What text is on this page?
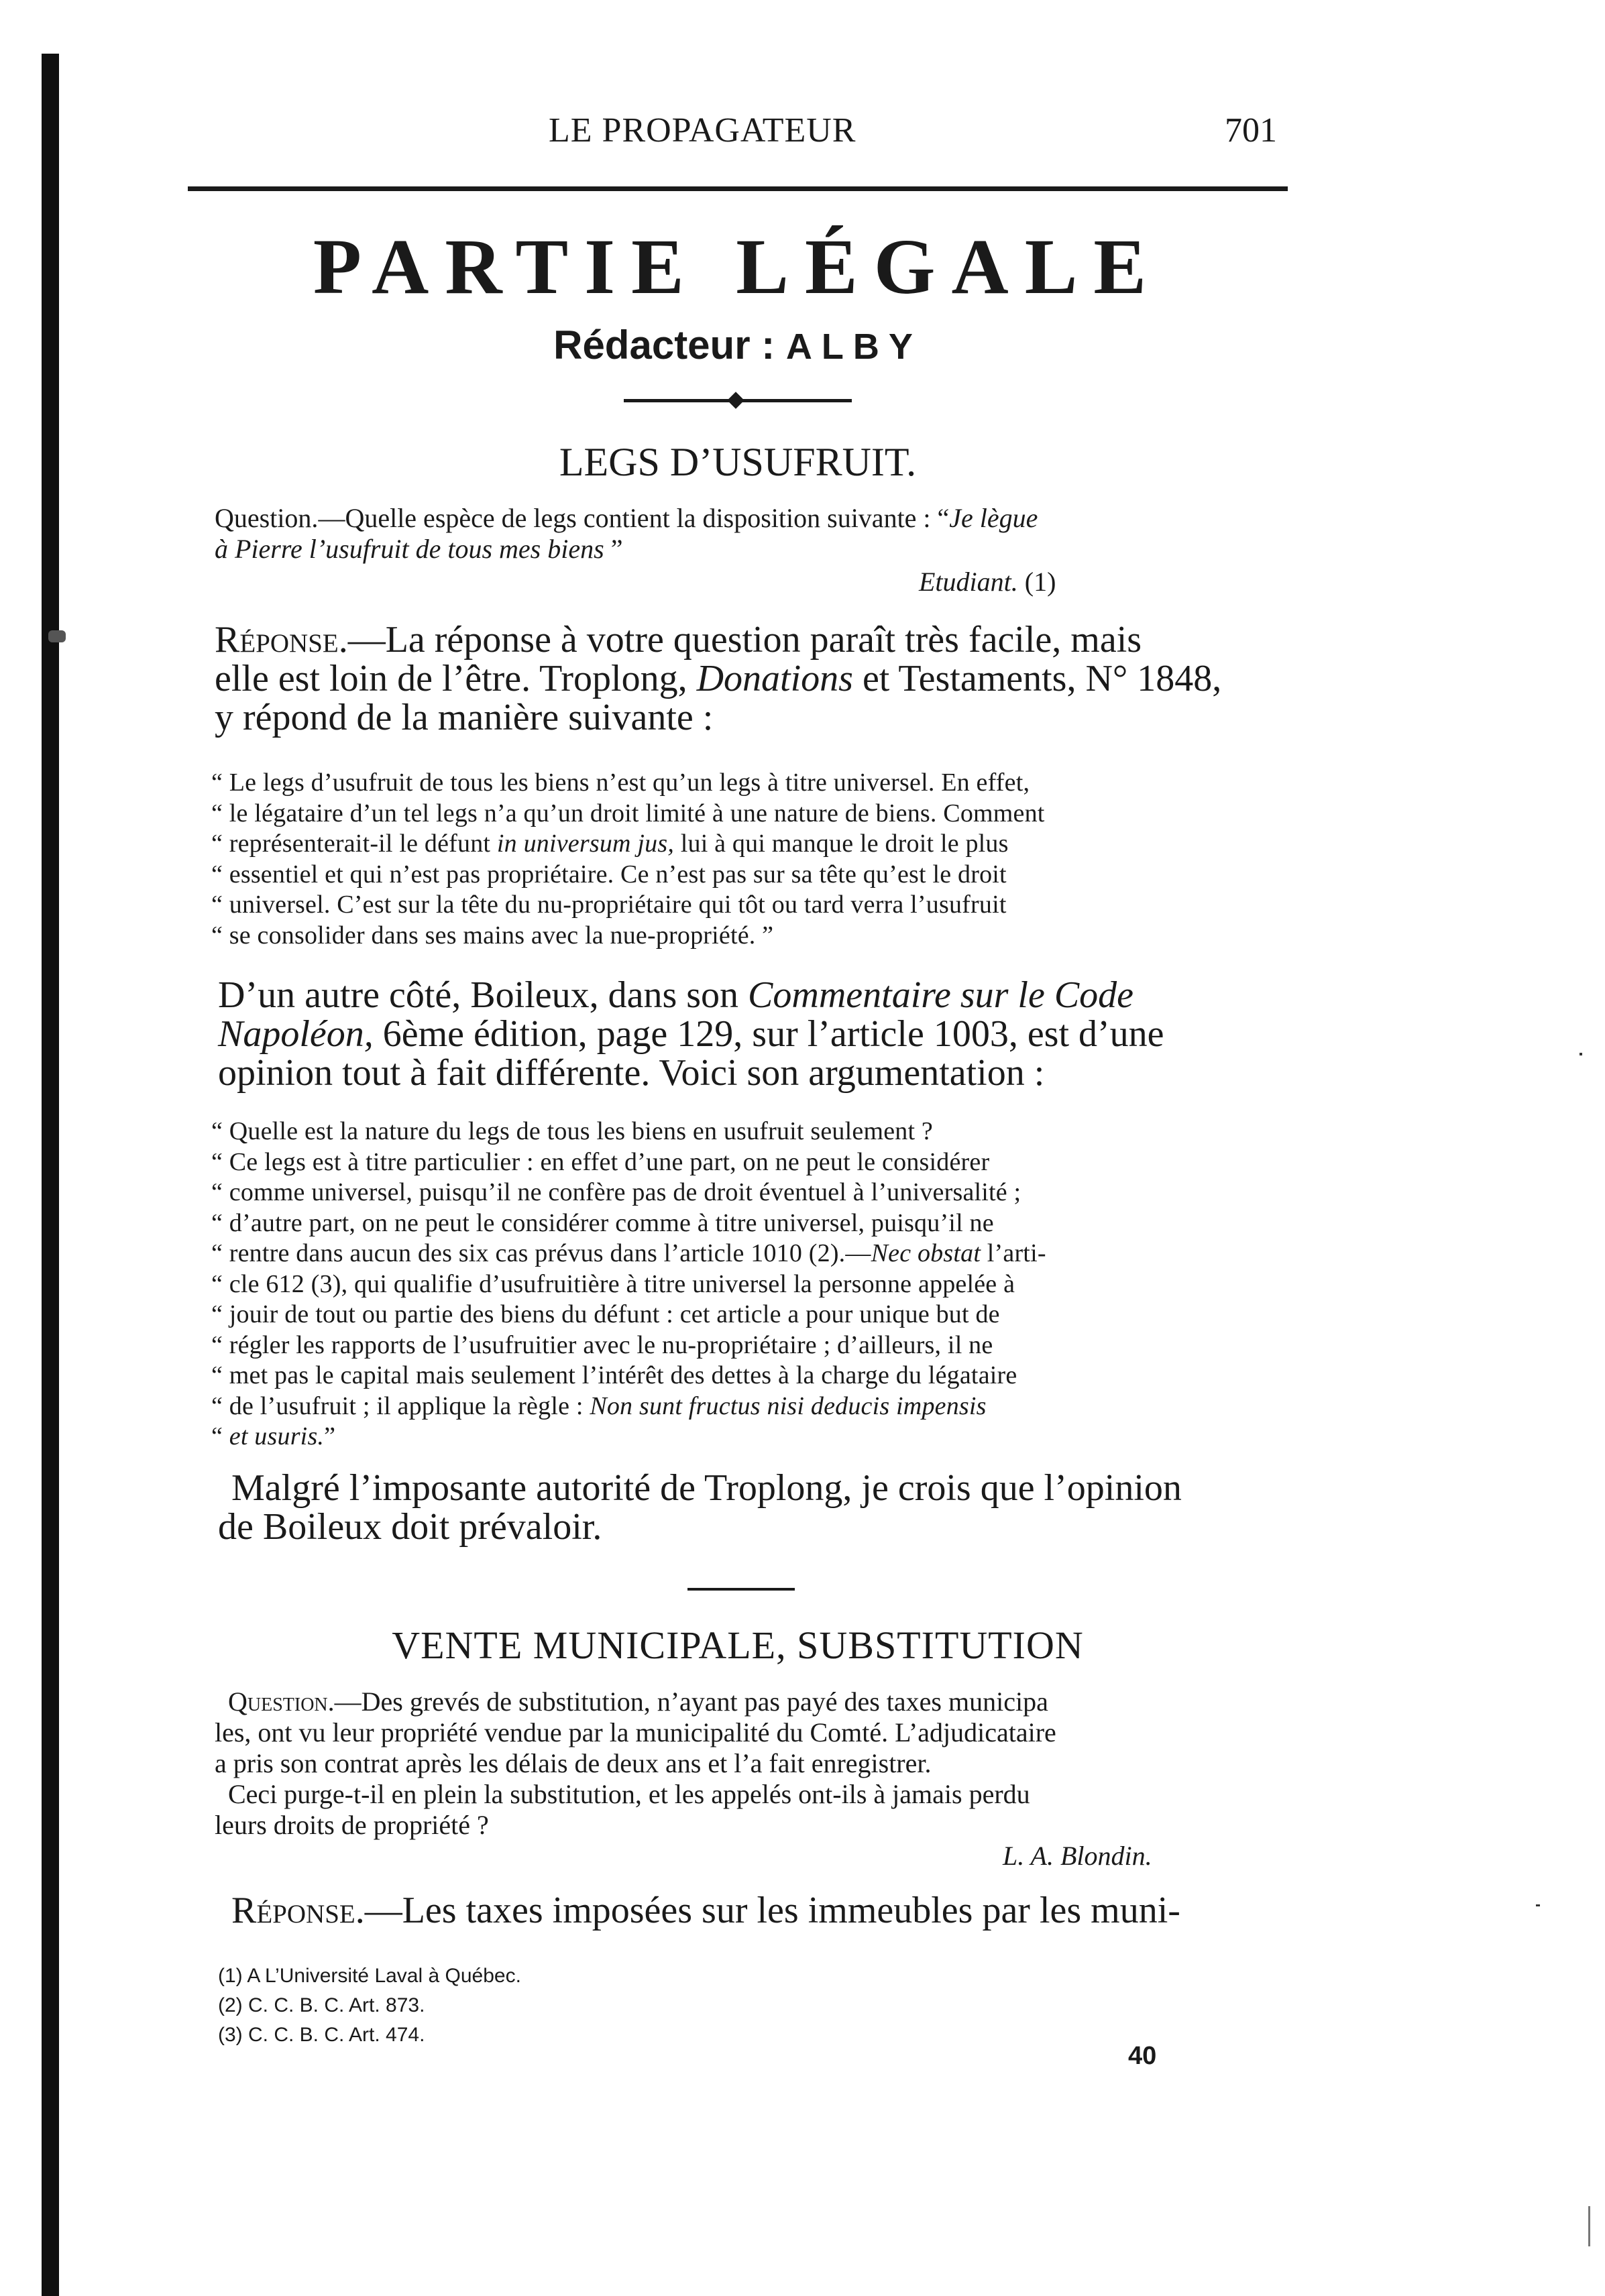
LE PROPAGATEUR	701
PARTIE LÉGALE
Rédacteur : ALBY
LEGS D’USUFRUIT.
Question.—Quelle espèce de legs contient la disposition suivante : “Je lègue
à Pierre l’usufruit de tous mes biens ”
Etudiant. (1)
Réponse.—La réponse à votre question paraît très facile, mais
elle est loin de l’être. Troplong, Donations et Testaments, N° 1848,
y répond de la manière suivante :
“ Le legs d’usufruit de tous les biens n’est qu’un legs à titre universel. En effet,
“ le légataire d’un tel legs n’a qu’un droit limité à une nature de biens. Comment
“ représenterait-il le défunt in universum jus, lui à qui manque le droit le plus
“ essentiel et qui n’est pas propriétaire. Ce n’est pas sur sa tête qu’est le droit
“ universel. C’est sur la tête du nu-propriétaire qui tôt ou tard verra l’usufruit
“ se consolider dans ses mains avec la nue-propriété. ”
D’un autre côté, Boileux, dans son Commentaire sur le Code
Napoléon, 6ème édition, page 129, sur l’article 1003, est d’une
opinion tout à fait différente. Voici son argumentation :
“ Quelle est la nature du legs de tous les biens en usufruit seulement ?
“ Ce legs est à titre particulier : en effet d’une part, on ne peut le considérer
“ comme universel, puisqu’il ne confère pas de droit éventuel à l’universalité ;
“ d’autre part, on ne peut le considérer comme à titre universel, puisqu’il ne
“ rentre dans aucun des six cas prévus dans l’article 1010 (2).—Nec obstat l’arti-
“ cle 612 (3), qui qualifie d’usufruitière à titre universel la personne appelée à
“ jouir de tout ou partie des biens du défunt : cet article a pour unique but de
“ régler les rapports de l’usufruitier avec le nu-propriétaire ; d’ailleurs, il ne
“ met pas le capital mais seulement l’intérêt des dettes à la charge du légataire
“ de l’usufruit ; il applique la règle : Non sunt fructus nisi deducis impensis
“ et usuris.”
Malgré l’imposante autorité de Troplong, je crois que l’opinion
de Boileux doit prévaloir.
VENTE MUNICIPALE, SUBSTITUTION
Question.—Des grevés de substitution, n’ayant pas payé des taxes municipa
les, ont vu leur propriété vendue par la municipalité du Comté. L’adjudicataire
a pris son contrat après les délais de deux ans et l’a fait enregistrer.
Ceci purge-t-il en plein la substitution, et les appelés ont-ils à jamais perdu
leurs droits de propriété ?
L. A. Blondin.
Réponse.—Les taxes imposées sur les immeubles par les muni-
(1) A L’Université Laval à Québec.
(2) C. C. B. C. Art. 873.
(3) C. C. B. C. Art. 474.
40
